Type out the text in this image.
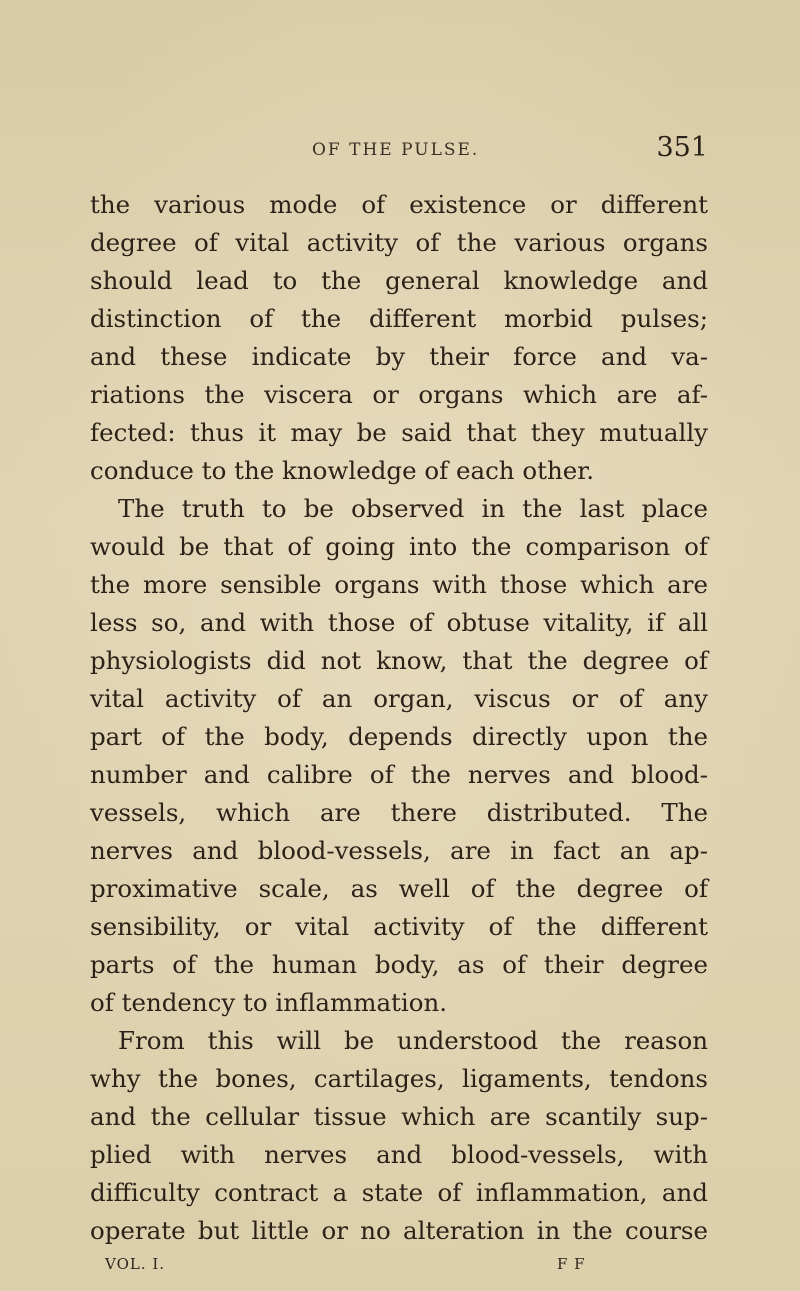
OF THE PULSE.	351
the various mode of existence or different
degree of vital activity of the various organs
should lead to the general knowledge and
distinction of the different morbid pulses;
and these indicate by their force and va-
riations the viscera or organs which are af-
fected: thus it may be said that they mutually
conduce to the knowledge of each other.
The truth to be observed in the last place
would be that of going into the comparison of
the more sensible organs with those which are
less so, and with those of obtuse vitality, if all
physiologists did not know, that the degree of
vital activity of an organ, viscus or of any
part of the body, depends directly upon the
number and calibre of the nerves and blood-
vessels, which are there distributed. The
nerves and blood-vessels, are in fact an ap-
proximative scale, as well of the degree of
sensibility, or vital activity of the different
parts of the human body, as of their degree
of tendency to inflammation.
From this will be understood the reason
why the bones, cartilages, ligaments, tendons
and the cellular tissue which are scantily sup-
plied with nerves and blood-vessels, with
difficulty contract a state of inflammation, and
operate but little or no alteration in the course
VOL. I.	F F
